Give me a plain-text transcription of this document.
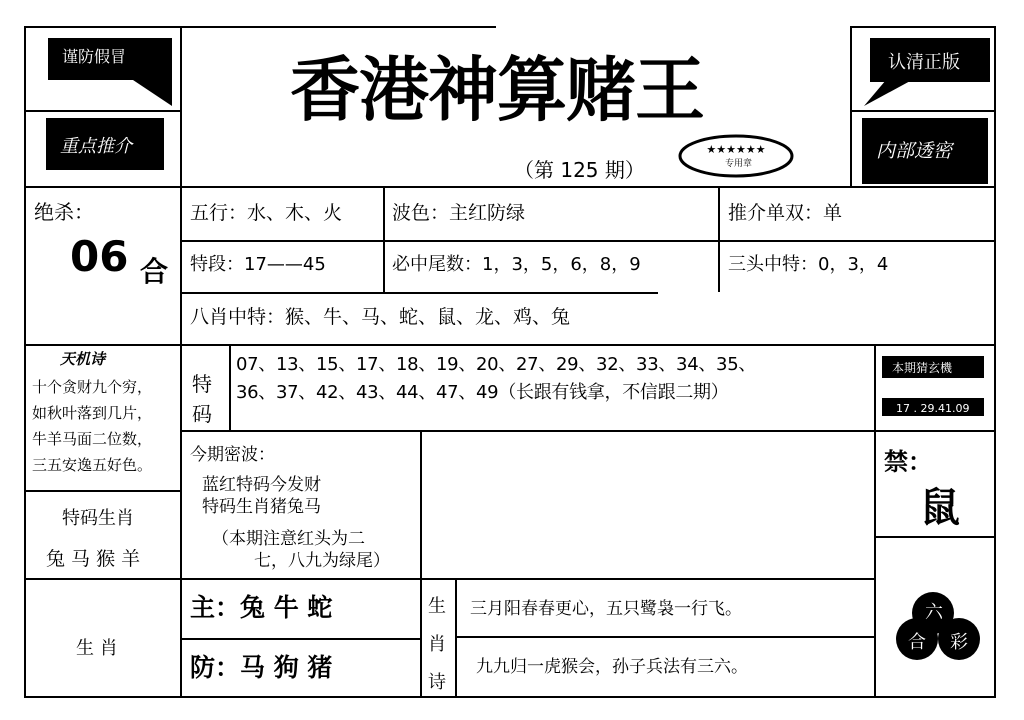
谨防假冒
重点推介
香港神算赌王
（第 125 期）
★★★★★★
专用章
认清正版
内部透密
绝杀：
06 合
五行：水、木、火	波色：主红防绿	推介单双：单
特段：17——45	必中尾数：1，3，5，6，8，9	三头中特：0，3，4
八肖中特：猴、牛、马、蛇、鼠、龙、鸡、兔
天机诗
十个贪财九个穷，
如秋叶落到几片，
牛羊马面二位数，
三五安逸五好色。
特
码
07、13、15、17、18、19、20、27、29、32、33、34、35、
36、37、42、43、44、47、49（长跟有钱拿，不信跟二期）
本期猜玄機
17 . 29.41.09
今期密波：
蓝红特码今发财
特码生肖猪兔马
（本期注意红头为二
七，八九为绿尾）
禁：
鼠
特码生肖
兔 马 猴 羊
生 肖
主：兔 牛 蛇
防：马 狗 猪
生
肖
诗
三月阳春春更心，五只鹭袅一行飞。
九九归一虎猴会，孙子兵法有三六。
六
合 彩
